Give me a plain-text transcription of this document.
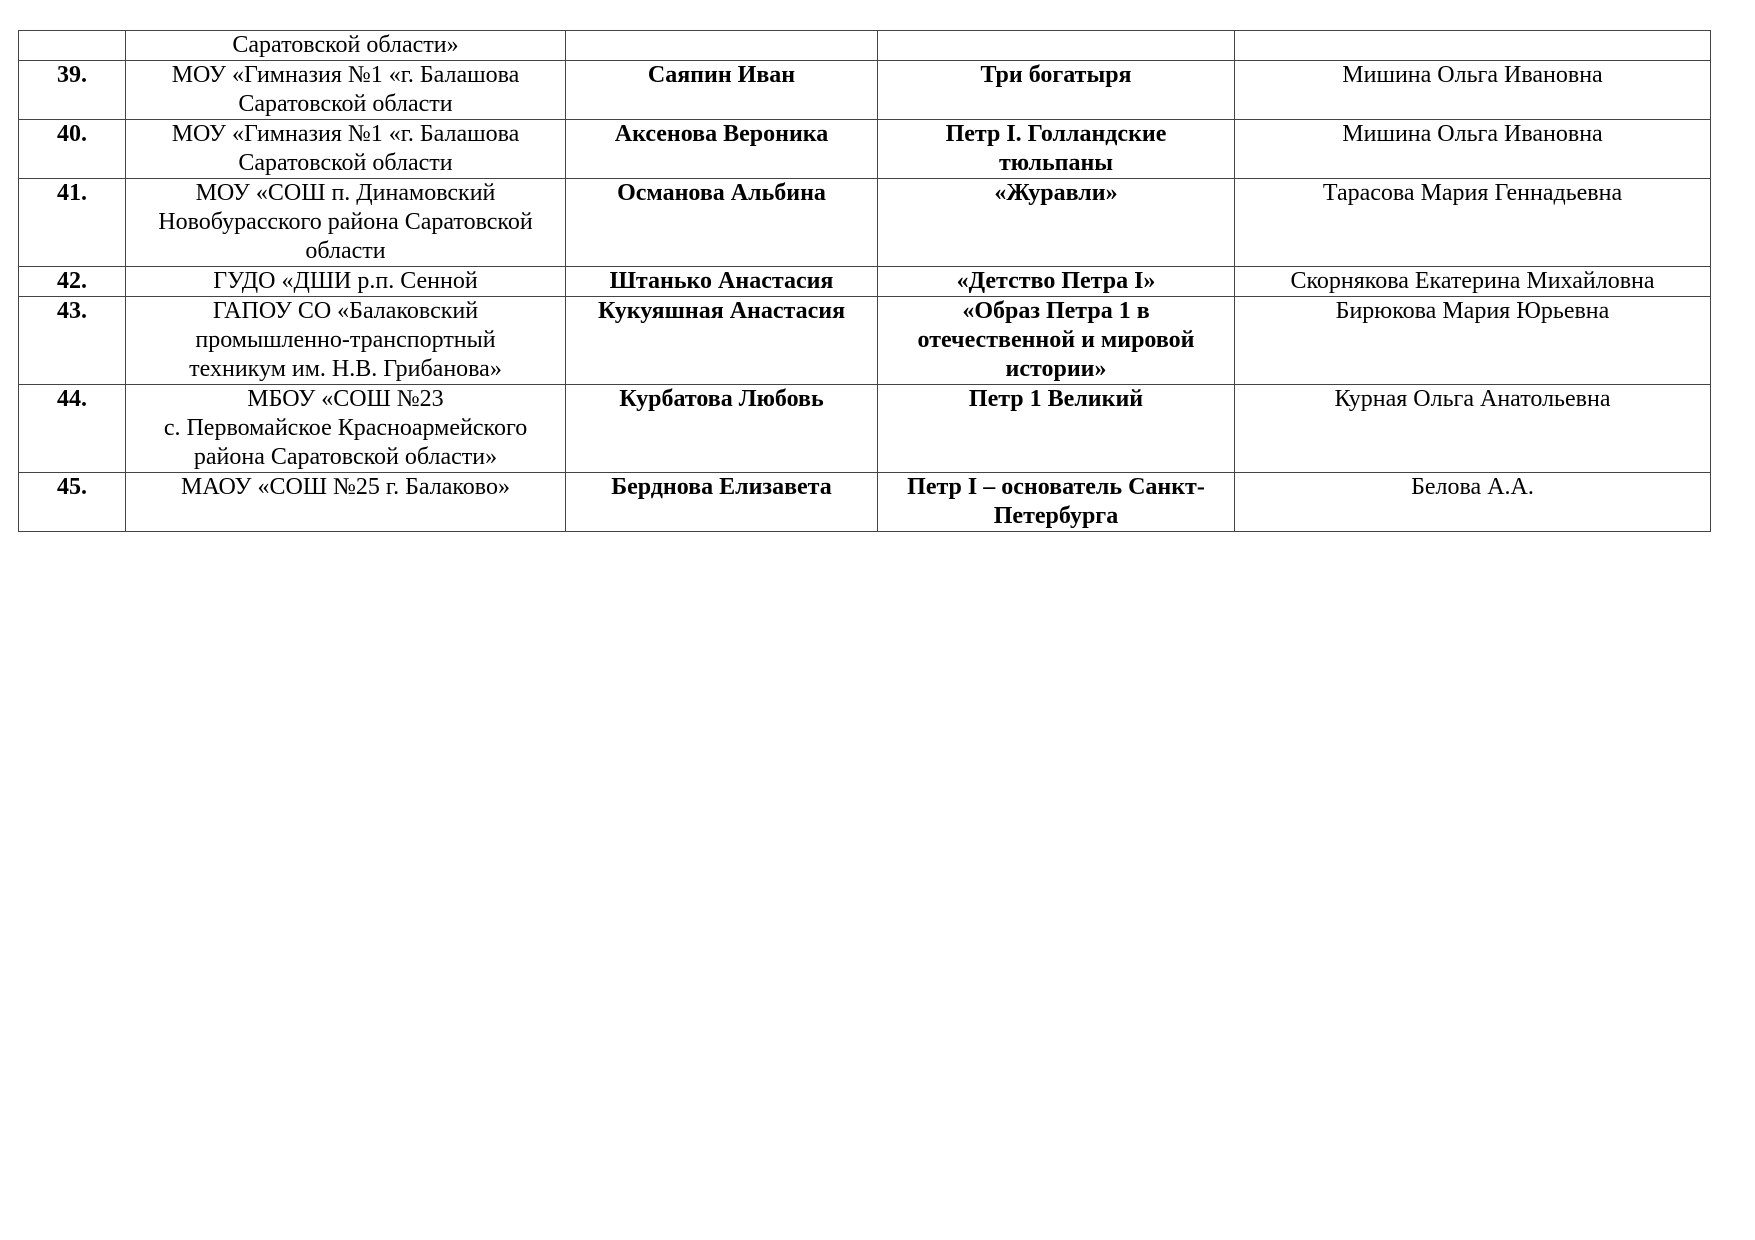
	Саратовской области»			

39.	МОУ «Гимназия №1 «г. Балашова
Саратовской области	Саяпин Иван	Три богатыря	Мишина Ольга Ивановна

40.	МОУ «Гимназия №1 «г. Балашова
Саратовской области	Аксенова Вероника	Петр I. Голландские
тюльпаны	Мишина Ольга Ивановна

41.	МОУ «СОШ п. Динамовский
Новобурасского района Саратовской
области	Османова Альбина	«Журавли»	Тарасова Мария Геннадьевна

42.	ГУДО «ДШИ р.п. Сенной	Штанько Анастасия	«Детство Петра I»	Скорнякова Екатерина Михайловна

43.	ГАПОУ СО «Балаковский
промышленно-транспортный
техникум им. Н.В. Грибанова»	Кукуяшная Анастасия	«Образ Петра 1 в
отечественной и мировой
истории»	Бирюкова Мария Юрьевна

44.	МБОУ «СОШ №23
с. Первомайское Красноармейского
района Саратовской области»	Курбатова Любовь	Петр 1 Великий	Курная Ольга Анатольевна

45.	МАОУ «СОШ №25 г. Балаково»	Берднова Елизавета	Петр I – основатель Санкт-
Петербурга	Белова А.А.
